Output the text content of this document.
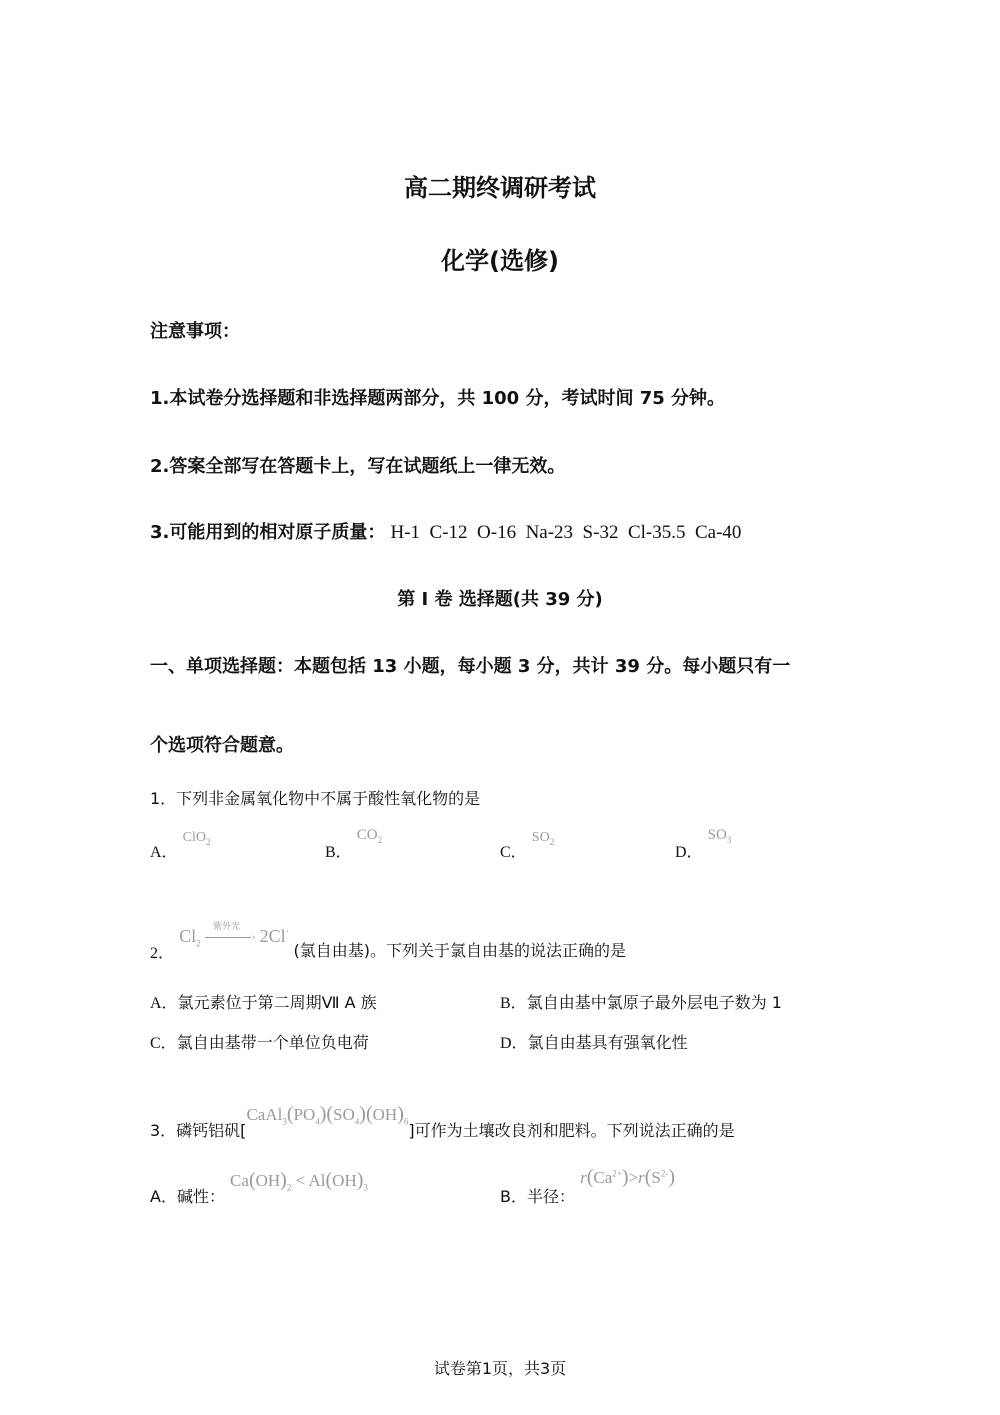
高二期终调研考试
化学(选修)
注意事项：
1.本试卷分选择题和非选择题两部分，共 100 分，考试时间 75 分钟。
2.答案全部写在答题卡上，写在试题纸上一律无效。
3.可能用到的相对原子质量： H-1  C-12  O-16  Na-23  S-32  Cl-35.5  Ca-40
第 I 卷 选择题(共 39 分)
一、单项选择题：本题包括 13 小题，每小题 3 分，共计 39 分。每小题只有一
个选项符合题意。
1．下列非金属氧化物中不属于酸性氧化物的是
A． ClO$_2$
B． $CO_2$
C． $SO_2$
D． $SO_3$
2． $Cl_2$
紫外光
› 2Cl· (氯自由基)。下列关于氯自由基的说法正确的是
A．氯元素位于第二周期Ⅶ A 族	B．氯自由基中氯原子最外层电子数为 1
C．氯自由基带一个单位负电荷	D．氯自由基具有强氧化性
3．磷钙铝矾$[CaAl_3(PO_4)(SO_4)(OH)_6]$可作为土壤改良剂和肥料。下列说法正确的是
A．碱性： $Ca(OH)_2 < Al(OH)_3$	B．半径： $r(Ca^{2+})>r(S^{2-})$
试卷第1页，共3页
